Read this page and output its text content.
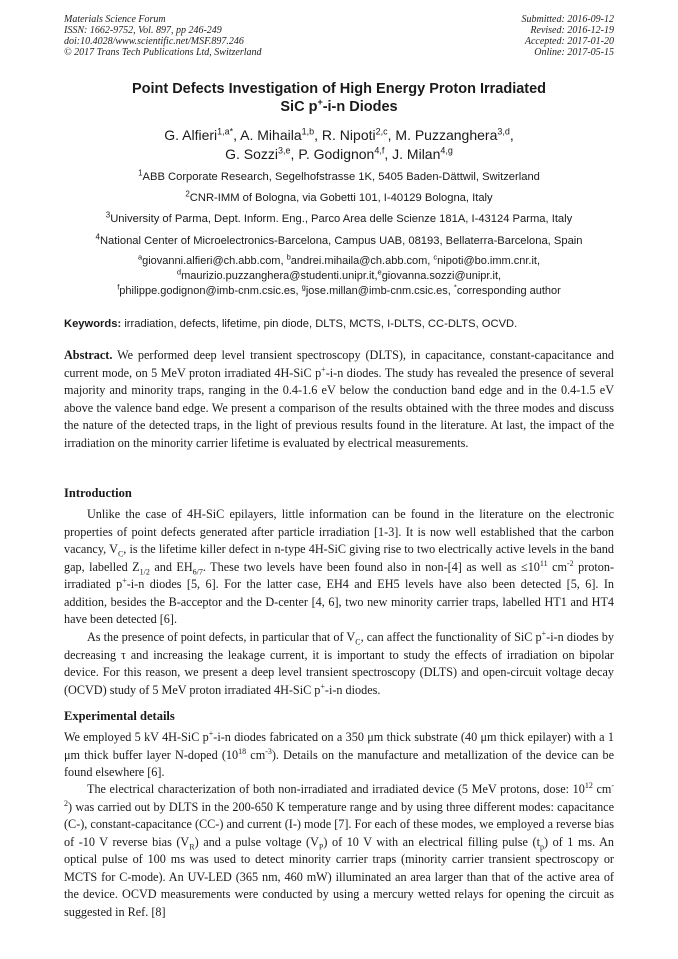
Materials Science Forum
ISSN: 1662-9752, Vol. 897, pp 246-249
doi:10.4028/www.scientific.net/MSF.897.246
© 2017 Trans Tech Publications Ltd, Switzerland
Submitted: 2016-09-12
Revised: 2016-12-19
Accepted: 2017-01-20
Online: 2017-05-15
Point Defects Investigation of High Energy Proton Irradiated
SiC p+-i-n Diodes
G. Alfieri$^{1,a*}$, A. Mihaila$^{1,b}$, R. Nipoti$^{2,c}$, M. Puzzanghera$^{3,d}$,
G. Sozzi$^{3,e}$, P. Godignon$^{4,f}$, J. Milan$^{4,g}$
$^1$ABB Corporate Research, Segelhofstrasse 1K, 5405 Baden-Dättwil, Switzerland
$^2$CNR-IMM of Bologna, via Gobetti 101, I-40129 Bologna, Italy
$^3$University of Parma, Dept. Inform. Eng., Parco Area delle Scienze 181A, I-43124 Parma, Italy
$^4$National Center of Microelectronics-Barcelona, Campus UAB, 08193, Bellaterra-Barcelona, Spain
$^a$giovanni.alfieri@ch.abb.com, $^b$andrei.mihaila@ch.abb.com, $^c$nipoti@bo.imm.cnr.it,
$^d$maurizio.puzzanghera@studenti.unipr.it,$^e$giovanna.sozzi@unipr.it,
$^f$philippe.godignon@imb-cnm.csic.es, $^g$jose.millan@imb-cnm.csic.es, *corresponding author
Keywords: irradiation, defects, lifetime, pin diode, DLTS, MCTS, I-DLTS, CC-DLTS, OCVD.
Abstract. We performed deep level transient spectroscopy (DLTS), in capacitance, constant-capacitance and current mode, on 5 MeV proton irradiated 4H-SiC p+-i-n diodes. The study has revealed the presence of several majority and minority traps, ranging in the 0.4-1.6 eV below the conduction band edge and in the 0.4-1.5 eV above the valence band edge. We present a comparison of the results obtained with the three modes and discuss the nature of the detected traps, in the light of previous results found in the literature. At last, the impact of the irradiation on the minority carrier lifetime is evaluated by electrical measurements.
Introduction
Unlike the case of 4H-SiC epilayers, little information can be found in the literature on the electronic properties of point defects generated after particle irradiation [1-3]. It is now well established that the carbon vacancy, $V_C$, is the lifetime killer defect in n-type 4H-SiC giving rise to two electrically active levels in the band gap, labelled $Z_{1/2}$ and $EH_{6/7}$. These two levels have been found also in non-[4] as well as $\le 10^{11}$ $cm^{-2}$ proton-irradiated p+-i-n diodes [5, 6]. For the latter case, EH4 and EH5 levels have also been detected [5, 6]. In addition, besides the B-acceptor and the D-center [4, 6], two new minority carrier traps, labelled HT1 and HT4 have been detected [6].
As the presence of point defects, in particular that of $V_C$, can affect the functionality of SiC p+-i-n diodes by decreasing τ and increasing the leakage current, it is important to study the effects of irradiation on bipolar device. For this reason, we present a deep level transient spectroscopy (DLTS) and open-circuit voltage decay (OCVD) study of 5 MeV proton irradiated 4H-SiC p+-i-n diodes.
Experimental details
We employed 5 kV 4H-SiC p+-i-n diodes fabricated on a 350 μm thick substrate (40 μm thick epilayer) with a 1 μm thick buffer layer N-doped ($10^{18}$ $cm^{-3}$). Details on the manufacture and metallization of the device can be found elsewhere [6].
The electrical characterization of both non-irradiated and irradiated device (5 MeV protons, dose: $10^{12}$ $cm^{-2}$) was carried out by DLTS in the 200-650 K temperature range and by using three different modes: capacitance (C-), constant-capacitance (CC-) and current (I-) mode [7]. For each of these modes, we employed a reverse bias of -10 V reverse bias $(V_R)$ and a pulse voltage $(V_P)$ of 10 V with an electrical filling pulse $(t_p)$ of 1 ms. An optical pulse of 100 ms was used to detect minority carrier traps (minority carrier transient spectroscopy or MCTS for C-mode). An UV-LED (365 nm, 460 mW) illuminated an area larger than that of the active area of the device. OCVD measurements were conducted by using a mercury wetted relays for opening the circuit as suggested in Ref. [8]
